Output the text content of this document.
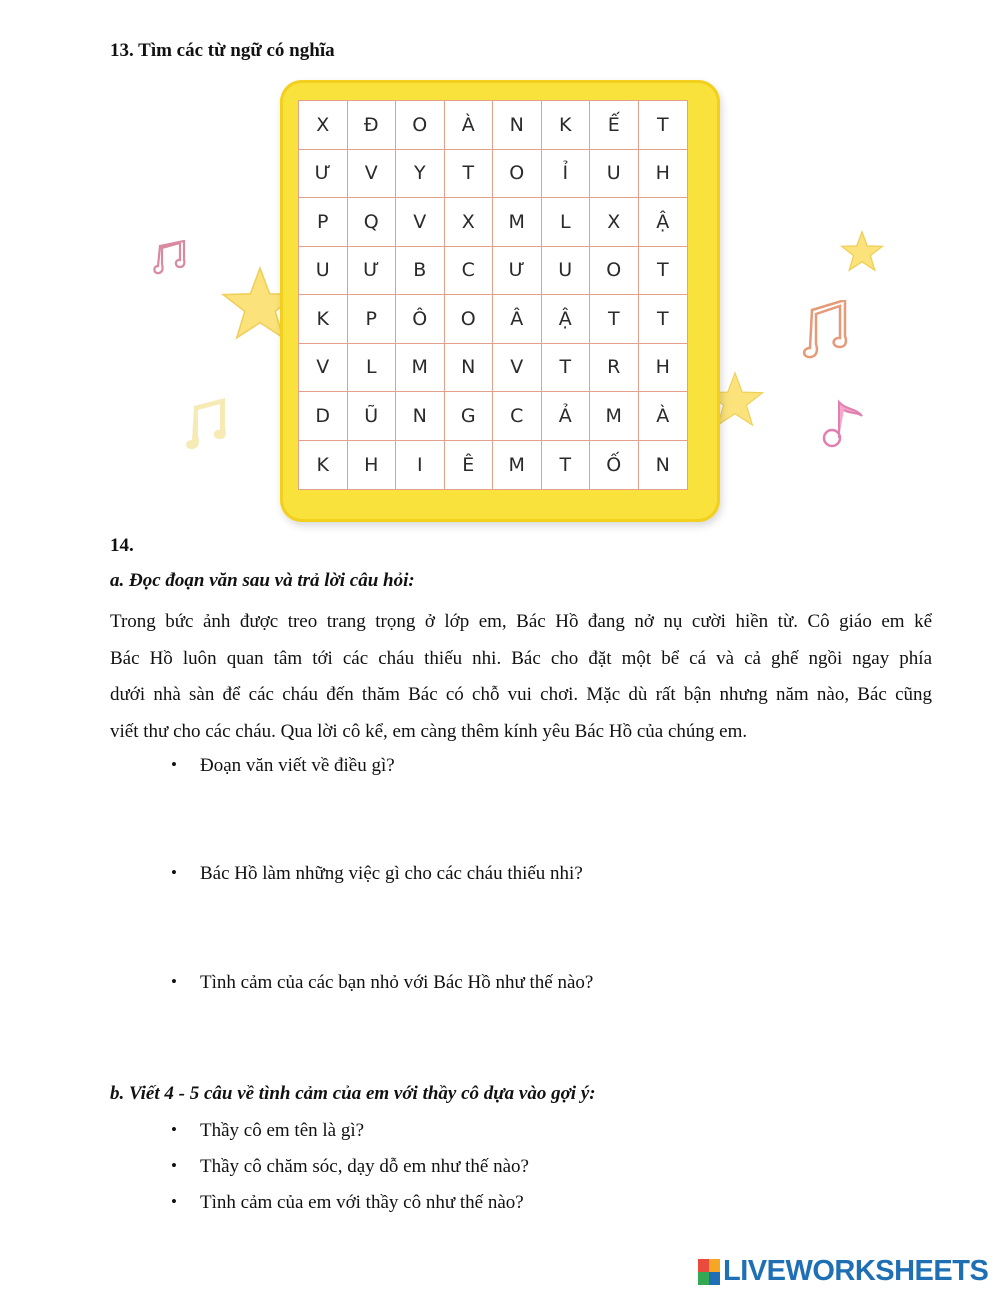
13. Tìm các từ ngữ có nghĩa
X	Đ	O	À	N	K	Ế	T
Ư	V	Y	T	O	Ỉ	U	H
P	Q	V	X	M	L	X	Ậ
U	Ư	B	C	Ư	U	O	T
K	P	Ô	O	Â	Ậ	T	T
V	L	M	N	V	T	R	H
D	Ũ	N	G	C	Ả	M	À
K	H	I	Ê	M	T	Ố	N
14.
a. Đọc đoạn văn sau và trả lời câu hỏi:

Trong bức ảnh được treo trang trọng ở lớp em, Bác Hồ đang nở nụ cười hiền từ. Cô giáo em kể
Bác Hồ luôn quan tâm tới các cháu thiếu nhi. Bác cho đặt một bể cá và cả ghế ngồi ngay phía
dưới nhà sàn để các cháu đến thăm Bác có chỗ vui chơi. Mặc dù rất bận nhưng năm nào, Bác cũng
viết thư cho các cháu. Qua lời cô kể, em càng thêm kính yêu Bác Hồ của chúng em.

• Đoạn văn viết về điều gì?
• Bác Hồ làm những việc gì cho các cháu thiếu nhi?
• Tình cảm của các bạn nhỏ với Bác Hồ như thế nào?
b. Viết 4 - 5 câu về tình cảm của em với thầy cô dựa vào gợi ý:
• Thầy cô em tên là gì?
• Thầy cô chăm sóc, dạy dỗ em như thế nào?
• Tình cảm của em với thầy cô như thế nào?
LIVEWORKSHEETS
